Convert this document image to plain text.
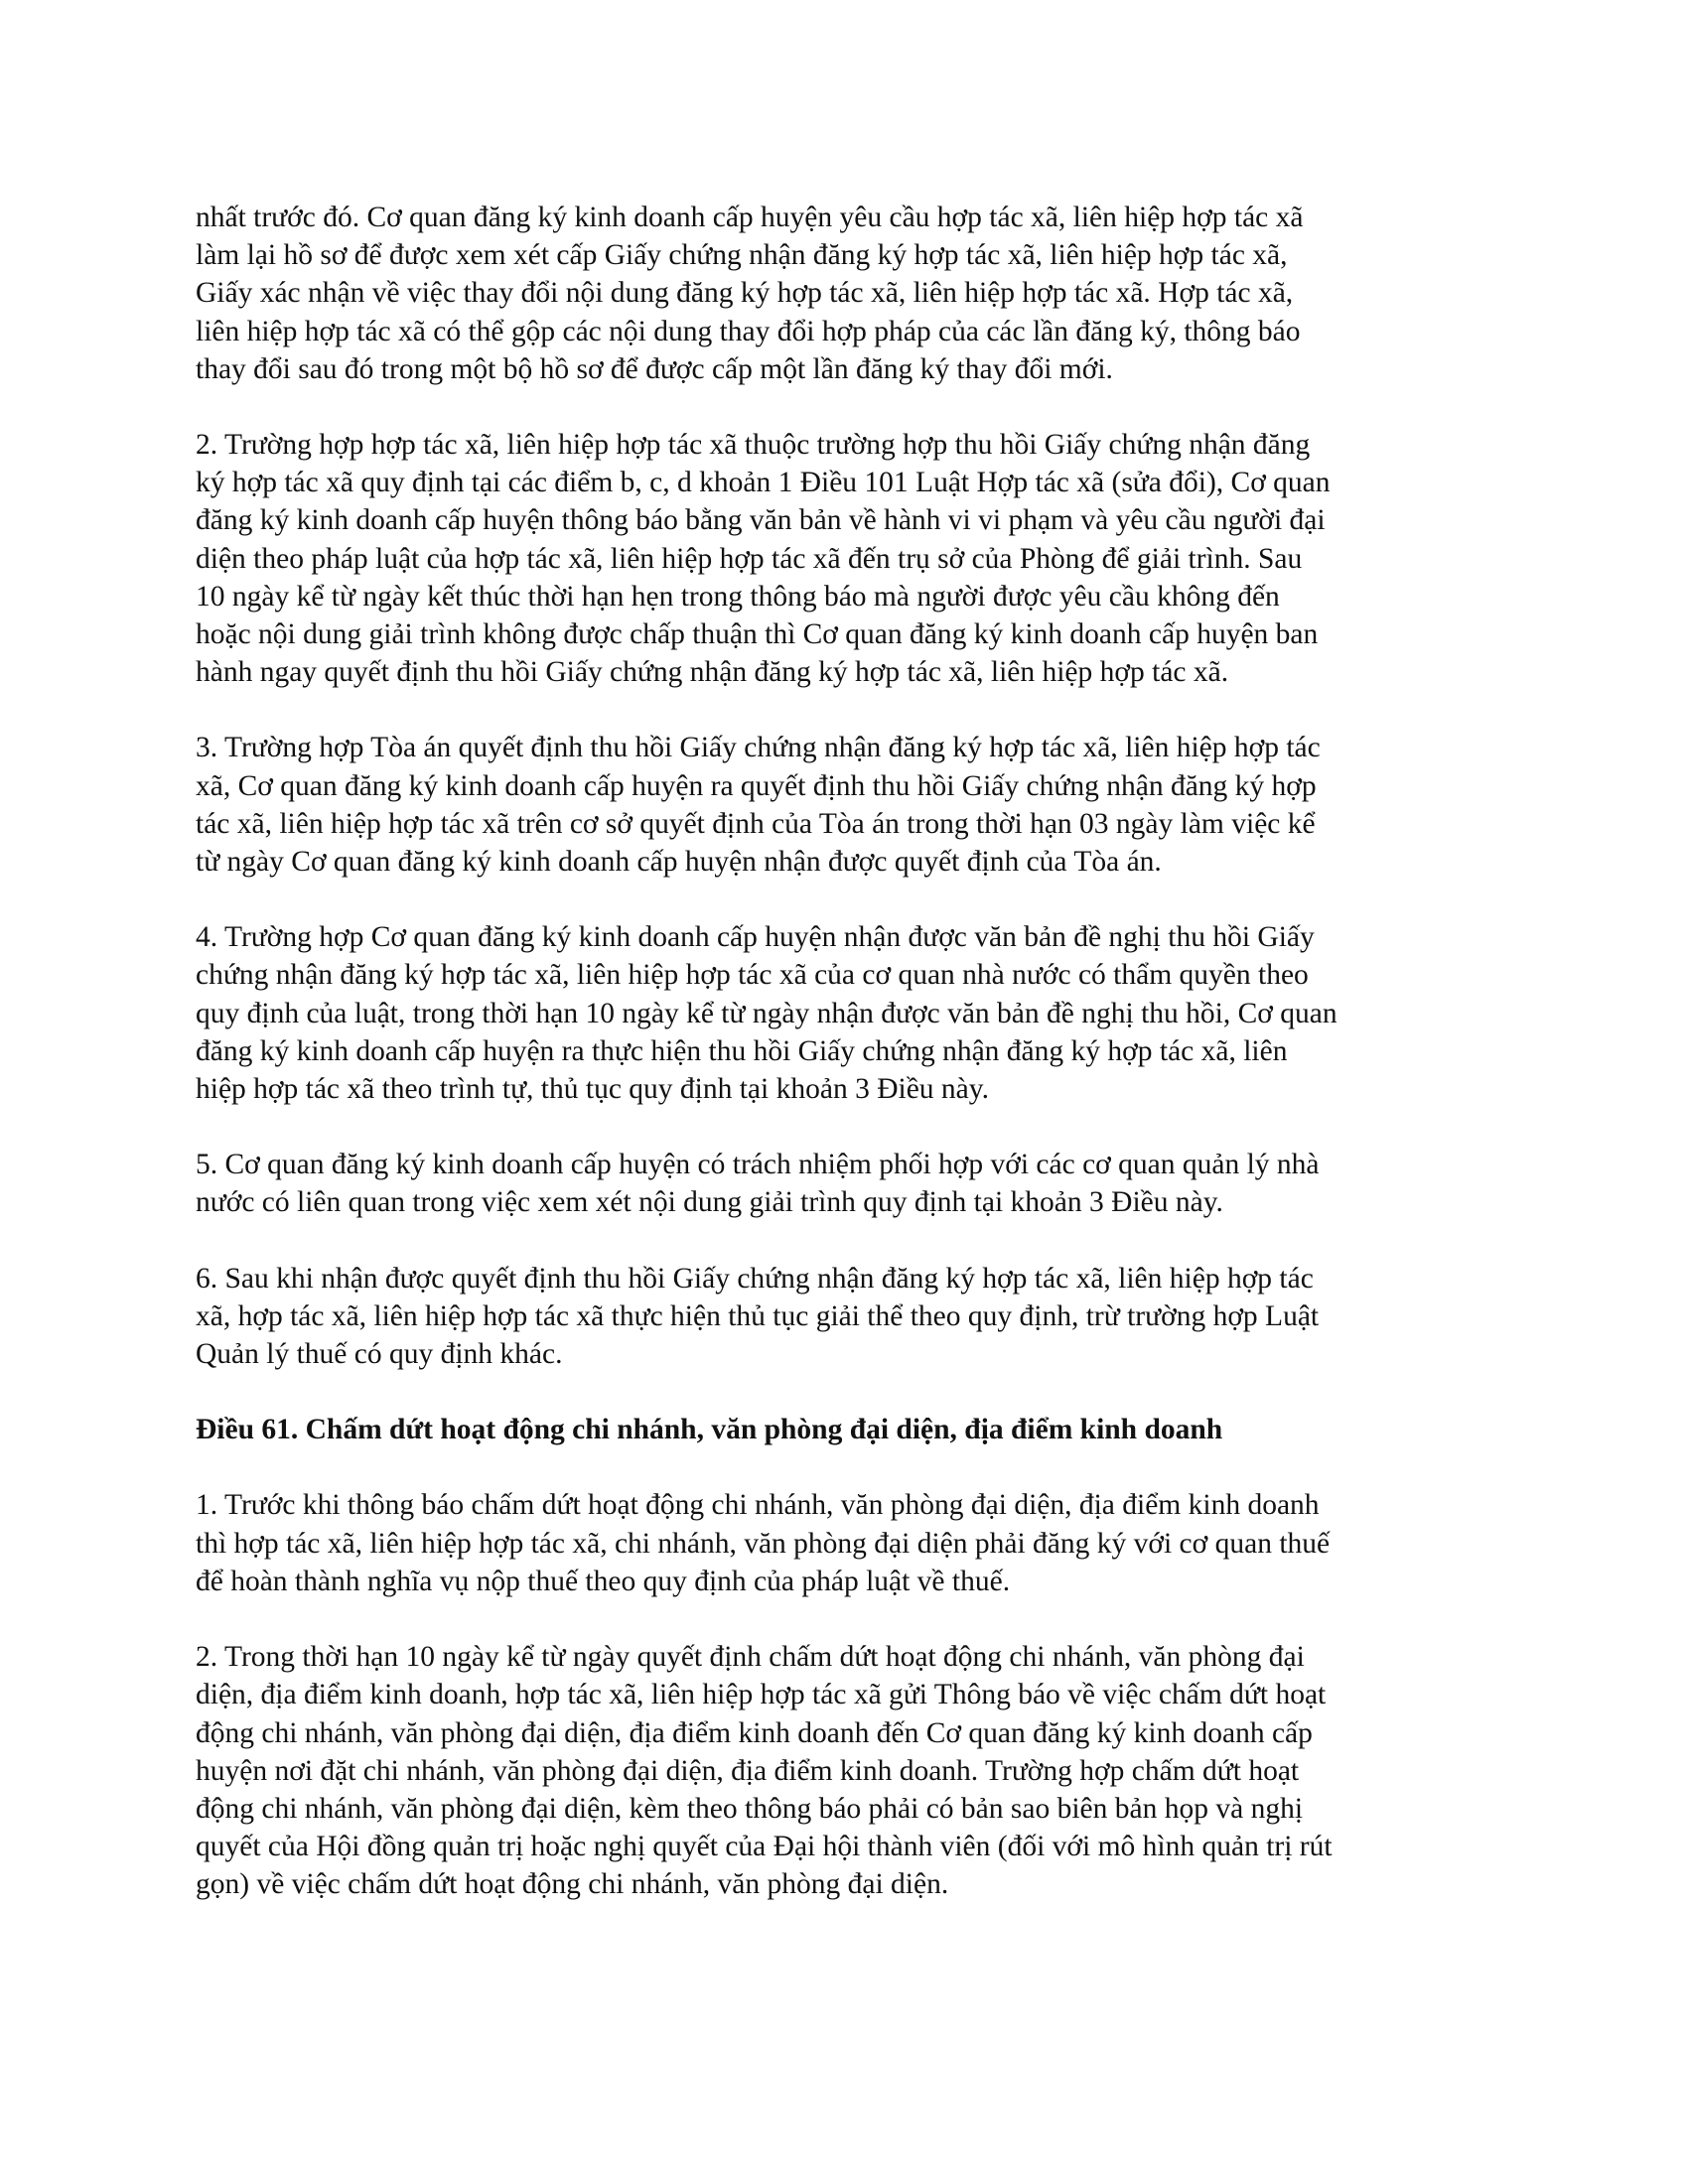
nhất trước đó. Cơ quan đăng ký kinh doanh cấp huyện yêu cầu hợp tác xã, liên hiệp hợp tác xã
làm lại hồ sơ để được xem xét cấp Giấy chứng nhận đăng ký hợp tác xã, liên hiệp hợp tác xã,
Giấy xác nhận về việc thay đổi nội dung đăng ký hợp tác xã, liên hiệp hợp tác xã. Hợp tác xã,
liên hiệp hợp tác xã có thể gộp các nội dung thay đổi hợp pháp của các lần đăng ký, thông báo
thay đổi sau đó trong một bộ hồ sơ để được cấp một lần đăng ký thay đổi mới.

2. Trường hợp hợp tác xã, liên hiệp hợp tác xã thuộc trường hợp thu hồi Giấy chứng nhận đăng
ký hợp tác xã quy định tại các điểm b, c, d khoản 1 Điều 101 Luật Hợp tác xã (sửa đổi), Cơ quan
đăng ký kinh doanh cấp huyện thông báo bằng văn bản về hành vi vi phạm và yêu cầu người đại
diện theo pháp luật của hợp tác xã, liên hiệp hợp tác xã đến trụ sở của Phòng để giải trình. Sau
10 ngày kể từ ngày kết thúc thời hạn hẹn trong thông báo mà người được yêu cầu không đến
hoặc nội dung giải trình không được chấp thuận thì Cơ quan đăng ký kinh doanh cấp huyện ban
hành ngay quyết định thu hồi Giấy chứng nhận đăng ký hợp tác xã, liên hiệp hợp tác xã.

3. Trường hợp Tòa án quyết định thu hồi Giấy chứng nhận đăng ký hợp tác xã, liên hiệp hợp tác
xã, Cơ quan đăng ký kinh doanh cấp huyện ra quyết định thu hồi Giấy chứng nhận đăng ký hợp
tác xã, liên hiệp hợp tác xã trên cơ sở quyết định của Tòa án trong thời hạn 03 ngày làm việc kể
từ ngày Cơ quan đăng ký kinh doanh cấp huyện nhận được quyết định của Tòa án.

4. Trường hợp Cơ quan đăng ký kinh doanh cấp huyện nhận được văn bản đề nghị thu hồi Giấy
chứng nhận đăng ký hợp tác xã, liên hiệp hợp tác xã của cơ quan nhà nước có thẩm quyền theo
quy định của luật, trong thời hạn 10 ngày kể từ ngày nhận được văn bản đề nghị thu hồi, Cơ quan
đăng ký kinh doanh cấp huyện ra thực hiện thu hồi Giấy chứng nhận đăng ký hợp tác xã, liên
hiệp hợp tác xã theo trình tự, thủ tục quy định tại khoản 3 Điều này.

5. Cơ quan đăng ký kinh doanh cấp huyện có trách nhiệm phối hợp với các cơ quan quản lý nhà
nước có liên quan trong việc xem xét nội dung giải trình quy định tại khoản 3 Điều này.

6. Sau khi nhận được quyết định thu hồi Giấy chứng nhận đăng ký hợp tác xã, liên hiệp hợp tác
xã, hợp tác xã, liên hiệp hợp tác xã thực hiện thủ tục giải thể theo quy định, trừ trường hợp Luật
Quản lý thuế có quy định khác.

Điều 61. Chấm dứt hoạt động chi nhánh, văn phòng đại diện, địa điểm kinh doanh

1. Trước khi thông báo chấm dứt hoạt động chi nhánh, văn phòng đại diện, địa điểm kinh doanh
thì hợp tác xã, liên hiệp hợp tác xã, chi nhánh, văn phòng đại diện phải đăng ký với cơ quan thuế
để hoàn thành nghĩa vụ nộp thuế theo quy định của pháp luật về thuế.

2. Trong thời hạn 10 ngày kể từ ngày quyết định chấm dứt hoạt động chi nhánh, văn phòng đại
diện, địa điểm kinh doanh, hợp tác xã, liên hiệp hợp tác xã gửi Thông báo về việc chấm dứt hoạt
động chi nhánh, văn phòng đại diện, địa điểm kinh doanh đến Cơ quan đăng ký kinh doanh cấp
huyện nơi đặt chi nhánh, văn phòng đại diện, địa điểm kinh doanh. Trường hợp chấm dứt hoạt
động chi nhánh, văn phòng đại diện, kèm theo thông báo phải có bản sao biên bản họp và nghị
quyết của Hội đồng quản trị hoặc nghị quyết của Đại hội thành viên (đối với mô hình quản trị rút
gọn) về việc chấm dứt hoạt động chi nhánh, văn phòng đại diện.
